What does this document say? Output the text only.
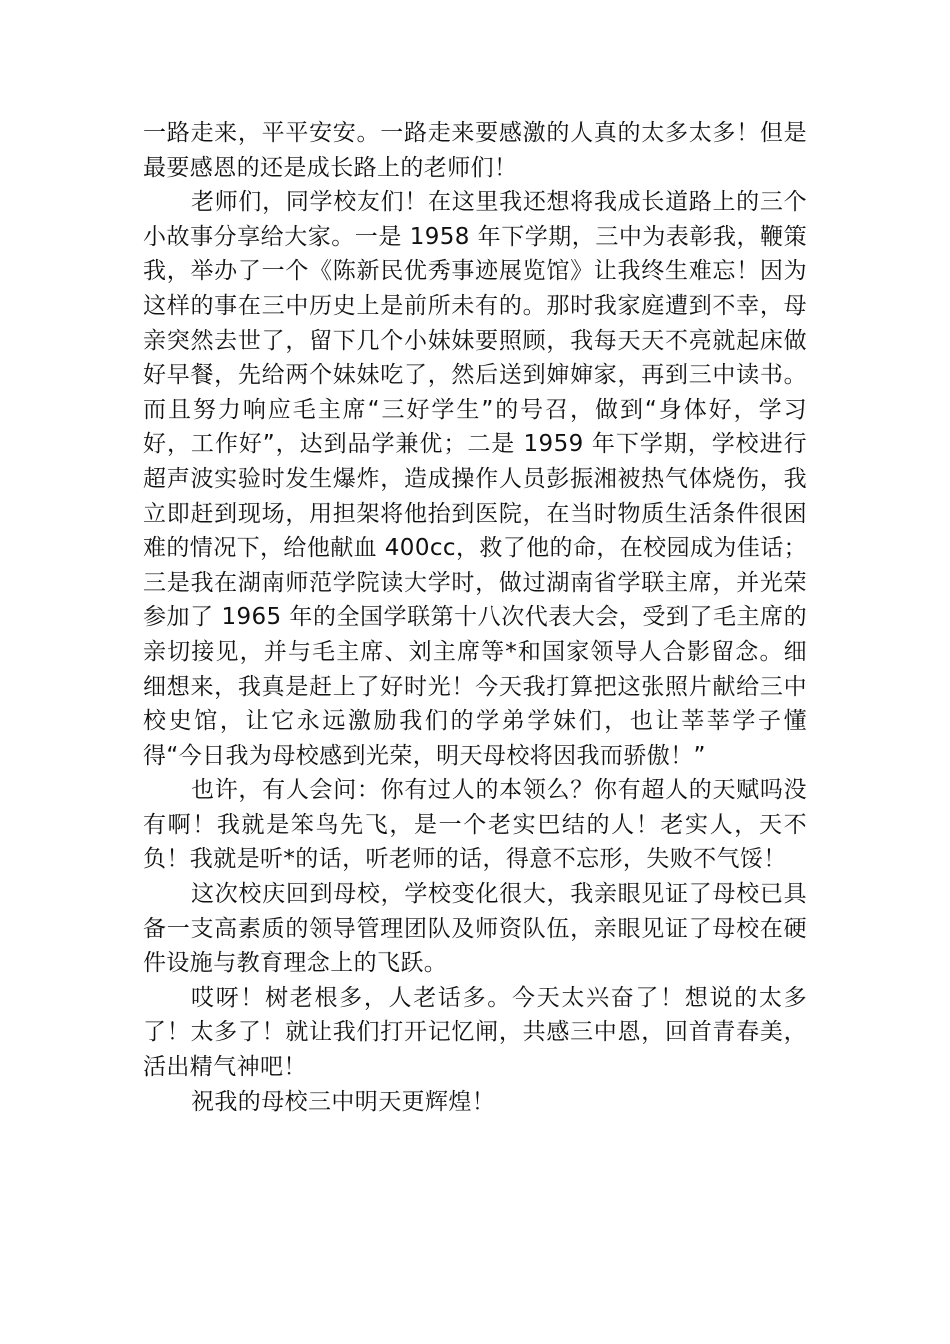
一路走来，平平安安。一路走来要感激的人真的太多太多！但是最要感恩的还是成长路上的老师们！

老师们，同学校友们！在这里我还想将我成长道路上的三个小故事分享给大家。一是 1958 年下学期，三中为表彰我，鞭策我，举办了一个《陈新民优秀事迹展览馆》让我终生难忘！因为这样的事在三中历史上是前所未有的。那时我家庭遭到不幸，母亲突然去世了，留下几个小妹妹要照顾，我每天天不亮就起床做好早餐，先给两个妹妹吃了，然后送到婶婶家，再到三中读书。而且努力响应毛主席“三好学生”的号召，做到“身体好，学习好，工作好”，达到品学兼优；二是 1959 年下学期，学校进行超声波实验时发生爆炸，造成操作人员彭振湘被热气体烧伤，我立即赶到现场，用担架将他抬到医院，在当时物质生活条件很困难的情况下，给他献血 400cc，救了他的命，在校园成为佳话；三是我在湖南师范学院读大学时，做过湖南省学联主席，并光荣参加了 1965 年的全国学联第十八次代表大会，受到了毛主席的亲切接见，并与毛主席、刘主席等*和国家领导人合影留念。细细想来，我真是赶上了好时光！今天我打算把这张照片献给三中校史馆，让它永远激励我们的学弟学妹们，也让莘莘学子懂得“今日我为母校感到光荣，明天母校将因我而骄傲！”

也许，有人会问：你有过人的本领么？你有超人的天赋吗没有啊！我就是笨鸟先飞，是一个老实巴结的人！老实人，天不负！我就是听*的话，听老师的话，得意不忘形，失败不气馁！

这次校庆回到母校，学校变化很大，我亲眼见证了母校已具备一支高素质的领导管理团队及师资队伍，亲眼见证了母校在硬件设施与教育理念上的飞跃。

哎呀！树老根多，人老话多。今天太兴奋了！想说的太多了！太多了！就让我们打开记忆闸，共感三中恩，回首青春美，活出精气神吧！

祝我的母校三中明天更辉煌！
